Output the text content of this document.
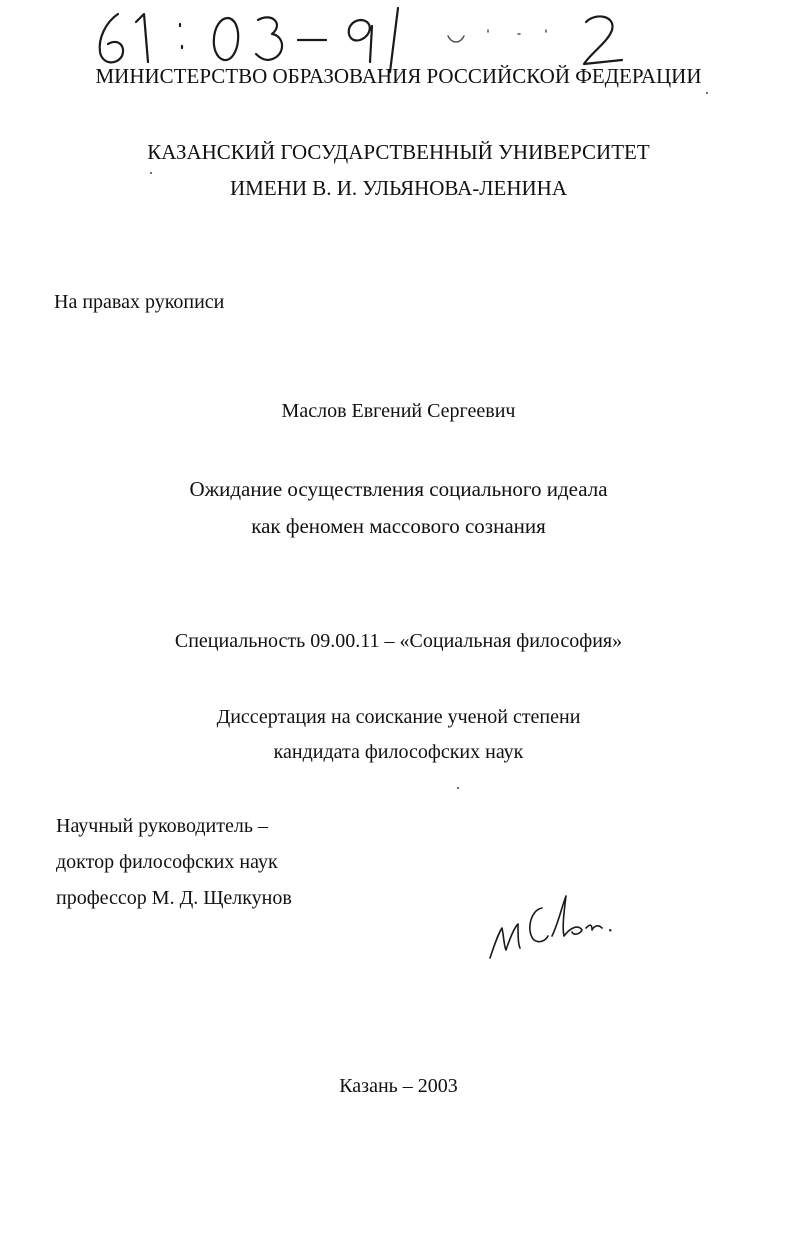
МИНИСТЕРСТВО ОБРАЗОВАНИЯ РОССИЙСКОЙ ФЕДЕРАЦИИ
КАЗАНСКИЙ ГОСУДАРСТВЕННЫЙ УНИВЕРСИТЕТ
ИМЕНИ В. И. УЛЬЯНОВА-ЛЕНИНА
На правах рукописи
Маслов Евгений Сергеевич
Ожидание осуществления социального идеала
как феномен массового сознания
Специальность 09.00.11 – «Социальная философия»
Диссертация на соискание ученой степени
кандидата философских наук
Научный руководитель –
доктор философских наук
профессор М. Д. Щелкунов
Казань – 2003
